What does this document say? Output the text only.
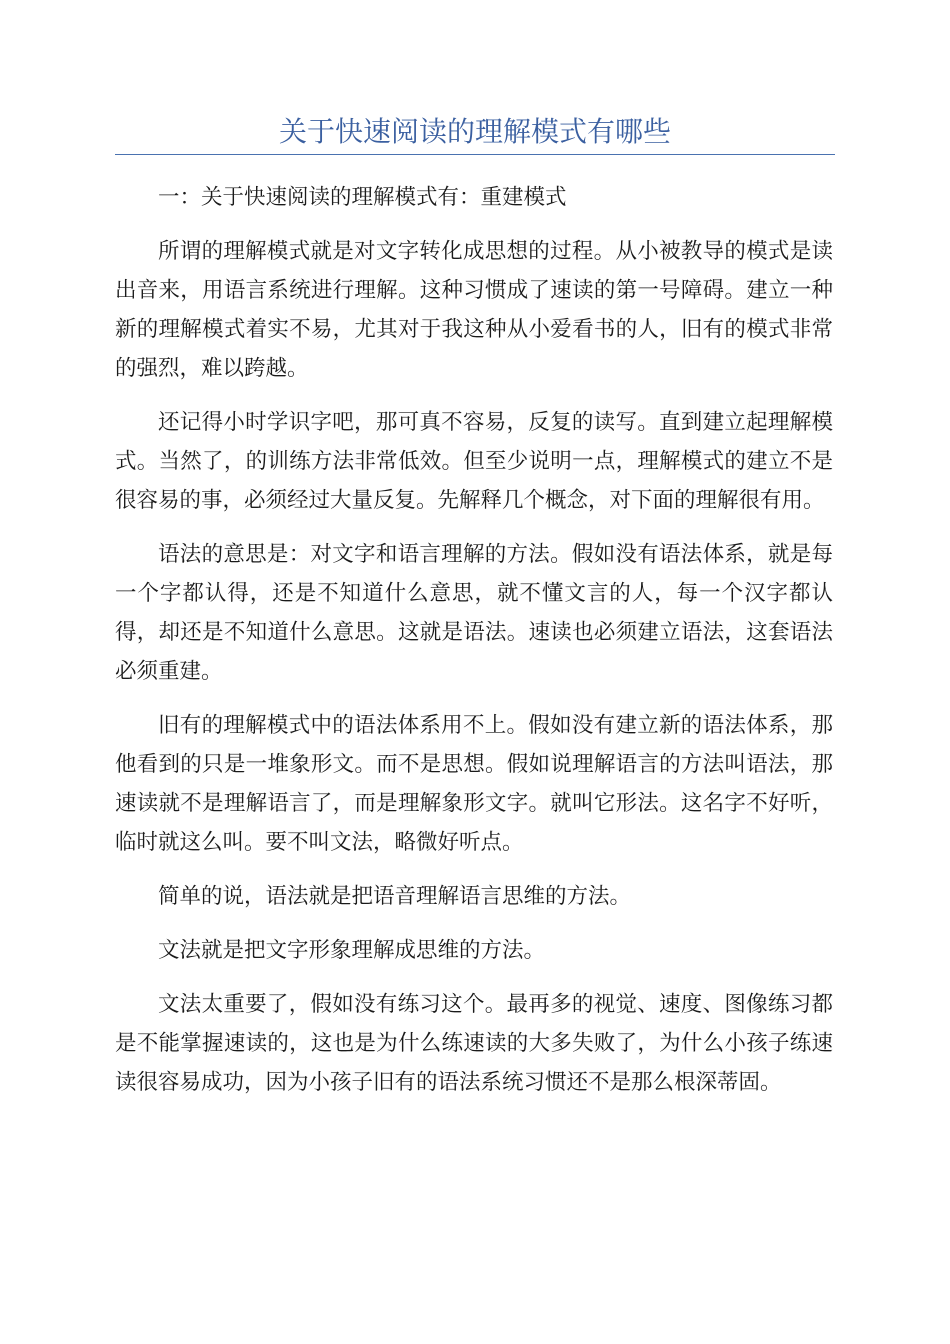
关于快速阅读的理解模式有哪些

一：关于快速阅读的理解模式有：重建模式

所谓的理解模式就是对文字转化成思想的过程。从小被教导的模式是读出音来，用语言系统进行理解。这种习惯成了速读的第一号障碍。建立一种新的理解模式着实不易，尤其对于我这种从小爱看书的人，旧有的模式非常的强烈，难以跨越。

还记得小时学识字吧，那可真不容易，反复的读写。直到建立起理解模式。当然了，的训练方法非常低效。但至少说明一点，理解模式的建立不是很容易的事，必须经过大量反复。先解释几个概念，对下面的理解很有用。

语法的意思是：对文字和语言理解的方法。假如没有语法体系，就是每一个字都认得，还是不知道什么意思，就不懂文言的人，每一个汉字都认得，却还是不知道什么意思。这就是语法。速读也必须建立语法，这套语法必须重建。

旧有的理解模式中的语法体系用不上。假如没有建立新的语法体系，那他看到的只是一堆象形文。而不是思想。假如说理解语言的方法叫语法，那速读就不是理解语言了，而是理解象形文字。就叫它形法。这名字不好听，临时就这么叫。要不叫文法，略微好听点。

简单的说，语法就是把语音理解语言思维的方法。

文法就是把文字形象理解成思维的方法。

文法太重要了，假如没有练习这个。最再多的视觉、速度、图像练习都是不能掌握速读的，这也是为什么练速读的大多失败了，为什么小孩子练速读很容易成功，因为小孩子旧有的语法系统习惯还不是那么根深蒂固。
